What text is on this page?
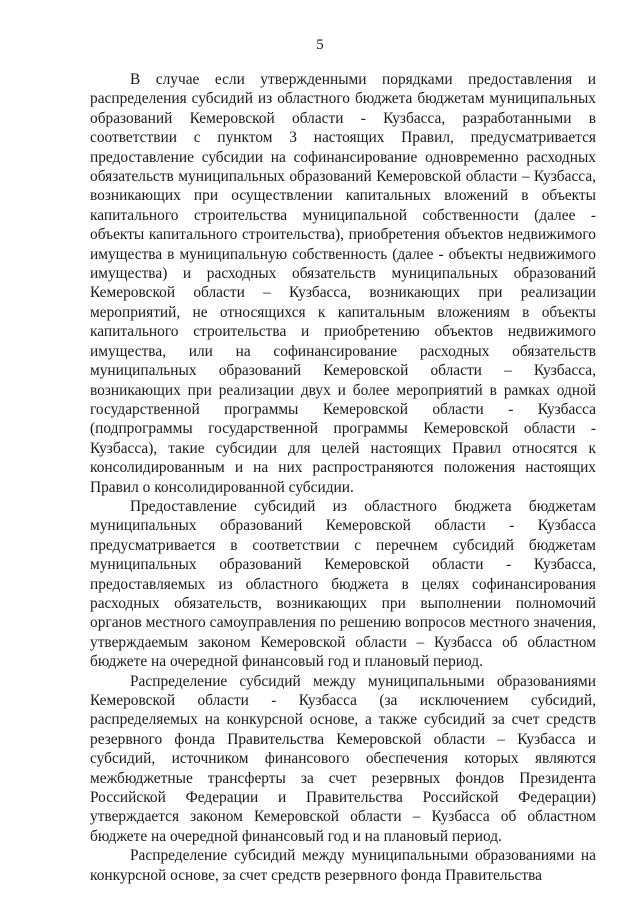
5

В случае если утвержденными порядками предоставления и распределения субсидий из областного бюджета бюджетам муниципальных образований Кемеровской области - Кузбасса, разработанными в соответствии с пунктом 3 настоящих Правил, предусматривается предоставление субсидии на софинансирование одновременно расходных обязательств муниципальных образований Кемеровской области – Кузбасса, возникающих при осуществлении капитальных вложений в объекты капитального строительства муниципальной собственности (далее - объекты капитального строительства), приобретения объектов недвижимого имущества в муниципальную собственность (далее - объекты недвижимого имущества) и расходных обязательств муниципальных образований Кемеровской области – Кузбасса, возникающих при реализации мероприятий, не относящихся к капитальным вложениям в объекты капитального строительства и приобретению объектов недвижимого имущества, или на софинансирование расходных обязательств муниципальных образований Кемеровской области – Кузбасса, возникающих при реализации двух и более мероприятий в рамках одной государственной программы Кемеровской области - Кузбасса (подпрограммы государственной программы Кемеровской области - Кузбасса), такие субсидии для целей настоящих Правил относятся к консолидированным и на них распространяются положения настоящих Правил о консолидированной субсидии.

Предоставление субсидий из областного бюджета бюджетам муниципальных образований Кемеровской области - Кузбасса предусматривается в соответствии с перечнем субсидий бюджетам муниципальных образований Кемеровской области - Кузбасса, предоставляемых из областного бюджета в целях софинансирования расходных обязательств, возникающих при выполнении полномочий органов местного самоуправления по решению вопросов местного значения, утверждаемым законом Кемеровской области – Кузбасса об областном бюджете на очередной финансовый год и плановый период.

Распределение субсидий между муниципальными образованиями Кемеровской области - Кузбасса (за исключением субсидий, распределяемых на конкурсной основе, а также субсидий за счет средств резервного фонда Правительства Кемеровской области – Кузбасса и субсидий, источником финансового обеспечения которых являются межбюджетные трансферты за счет резервных фондов Президента Российской Федерации и Правительства Российской Федерации) утверждается законом Кемеровской области – Кузбасса об областном бюджете на очередной финансовый год и на плановый период.

Распределение субсидий между муниципальными образованиями на конкурсной основе, за счет средств резервного фонда Правительства
